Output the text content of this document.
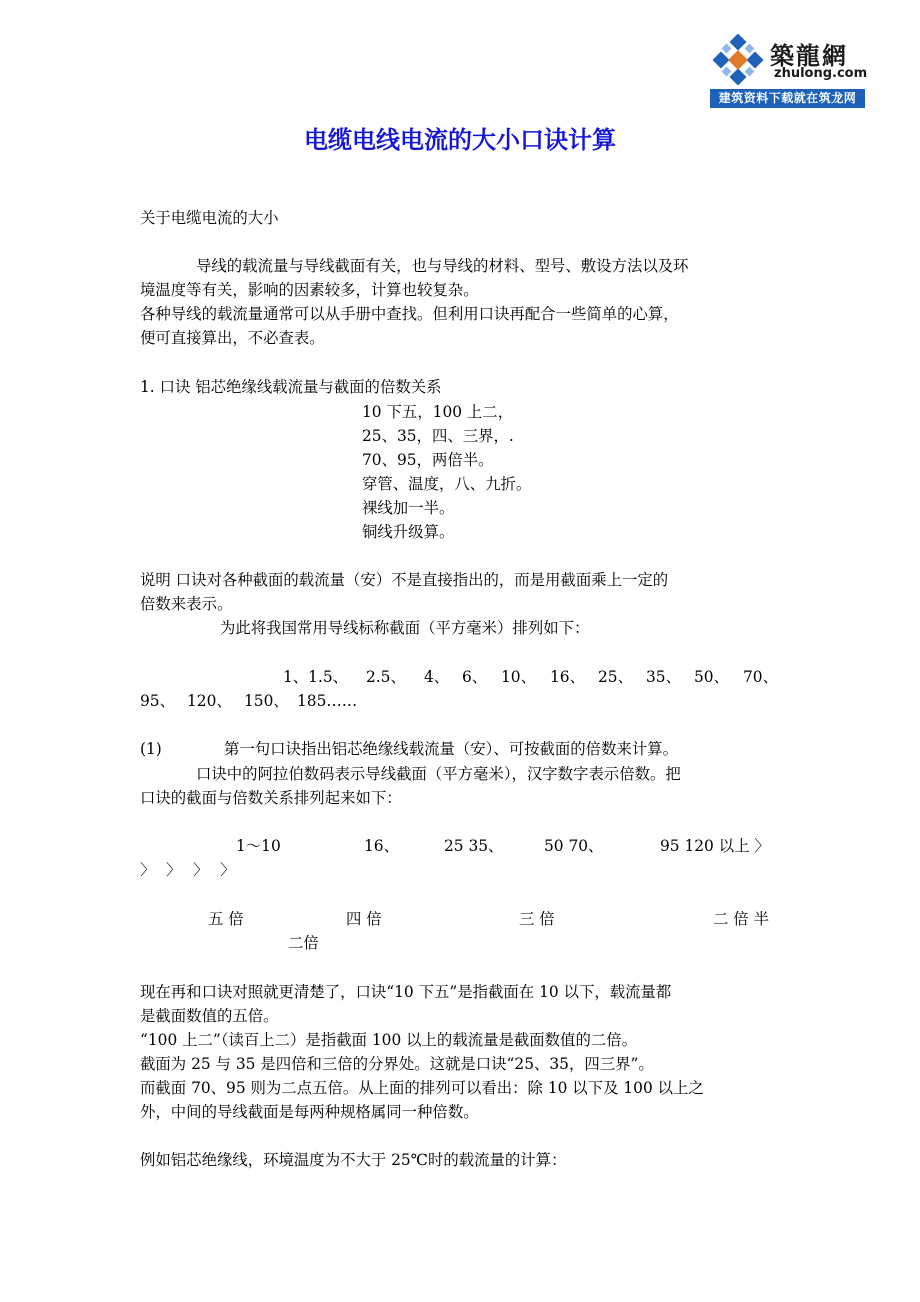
築龍網
zhulong.com
建筑资料下载就在筑龙网
电缆电线电流的大小口诀计算
关于电缆电流的大小
导线的载流量与导线截面有关，也与导线的材料、型号、敷设方法以及环
境温度等有关，影响的因素较多，计算也较复杂。
各种导线的载流量通常可以从手册中查找。但利用口诀再配合一些简单的心算，
便可直接算出，不必查表。
1. 口诀 铝芯绝缘线载流量与截面的倍数关系
10 下五，100 上二，
25、35，四、三界，.
70、95，两倍半。
穿管、温度，八、九折。
裸线加一半。
铜线升级算。
说明 口诀对各种截面的载流量（安）不是直接指出的，而是用截面乘上一定的
倍数来表示。
为此将我国常用导线标称截面（平方毫米）排列如下：
1、1.5、 2.5、 4、 6、 10、 16、 25、 35、 50、 70、
95、 120、 150、 185……
(1)	第一句口诀指出铝芯绝缘线载流量（安）、可按截面的倍数来计算。
口诀中的阿拉伯数码表示导线截面（平方毫米），汉字数字表示倍数。把
口诀的截面与倍数关系排列起来如下：
1～10	16、	25 35、	50 70、	95 120 以上 〉
〉 〉 〉 〉
五 倍	四 倍	三 倍	二 倍 半
二倍
现在再和口诀对照就更清楚了，口诀“10 下五”是指截面在 10 以下，载流量都
是截面数值的五倍。
“100 上二”（读百上二）是指截面 100 以上的载流量是截面数值的二倍。
截面为 25 与 35 是四倍和三倍的分界处。这就是口诀“25、35，四三界”。
而截面 70、95 则为二点五倍。从上面的排列可以看出：除 10 以下及 100 以上之
外，中间的导线截面是每两种规格属同一种倍数。
例如铝芯绝缘线，环境温度为不大于 25℃时的载流量的计算：
